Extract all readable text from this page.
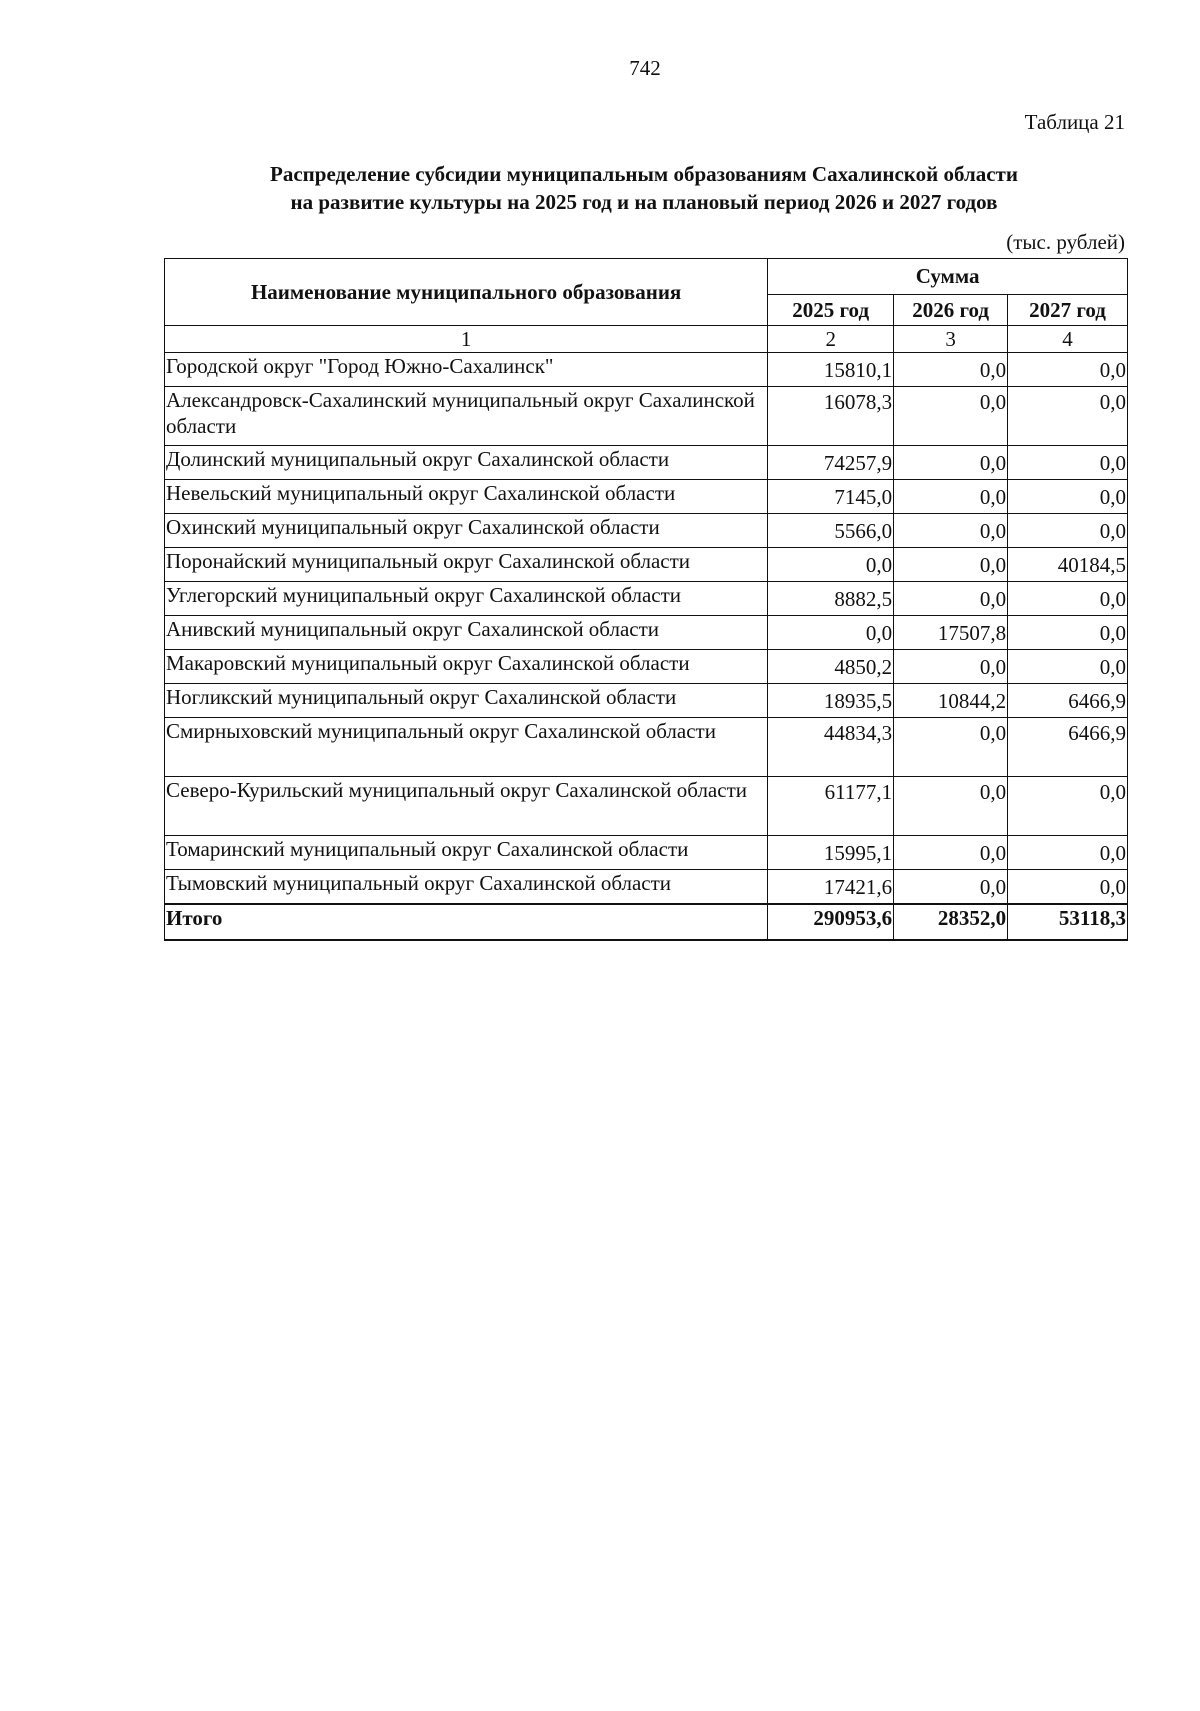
742
Таблица 21
Распределение субсидии муниципальным образованиям Сахалинской области
на развитие культуры на 2025 год и на плановый период 2026 и 2027 годов
(тыс. рублей)
Наименование муниципального образования	Сумма		
	2025 год	2026 год	2027 год
1	2	3	4
Городской округ "Город Южно-Сахалинск"	15810,1	0,0	0,0
Александровск-Сахалинский муниципальный округ Сахалинской области	16078,3	0,0	0,0
Долинский муниципальный округ Сахалинской области	74257,9	0,0	0,0
Невельский муниципальный округ Сахалинской области	7145,0	0,0	0,0
Охинский муниципальный округ Сахалинской области	5566,0	0,0	0,0
Поронайский муниципальный округ Сахалинской области	0,0	0,0	40184,5
Углегорский муниципальный округ Сахалинской области	8882,5	0,0	0,0
Анивский муниципальный округ Сахалинской области	0,0	17507,8	0,0
Макаровский муниципальный округ Сахалинской области	4850,2	0,0	0,0
Ногликский муниципальный округ Сахалинской области	18935,5	10844,2	6466,9
Смирныховский муниципальный округ Сахалинской области	44834,3	0,0	6466,9
Северо-Курильский муниципальный округ Сахалинской области	61177,1	0,0	0,0
Томаринский муниципальный округ Сахалинской области	15995,1	0,0	0,0
Тымовский муниципальный округ Сахалинской области	17421,6	0,0	0,0
Итого	290953,6	28352,0	53118,3
